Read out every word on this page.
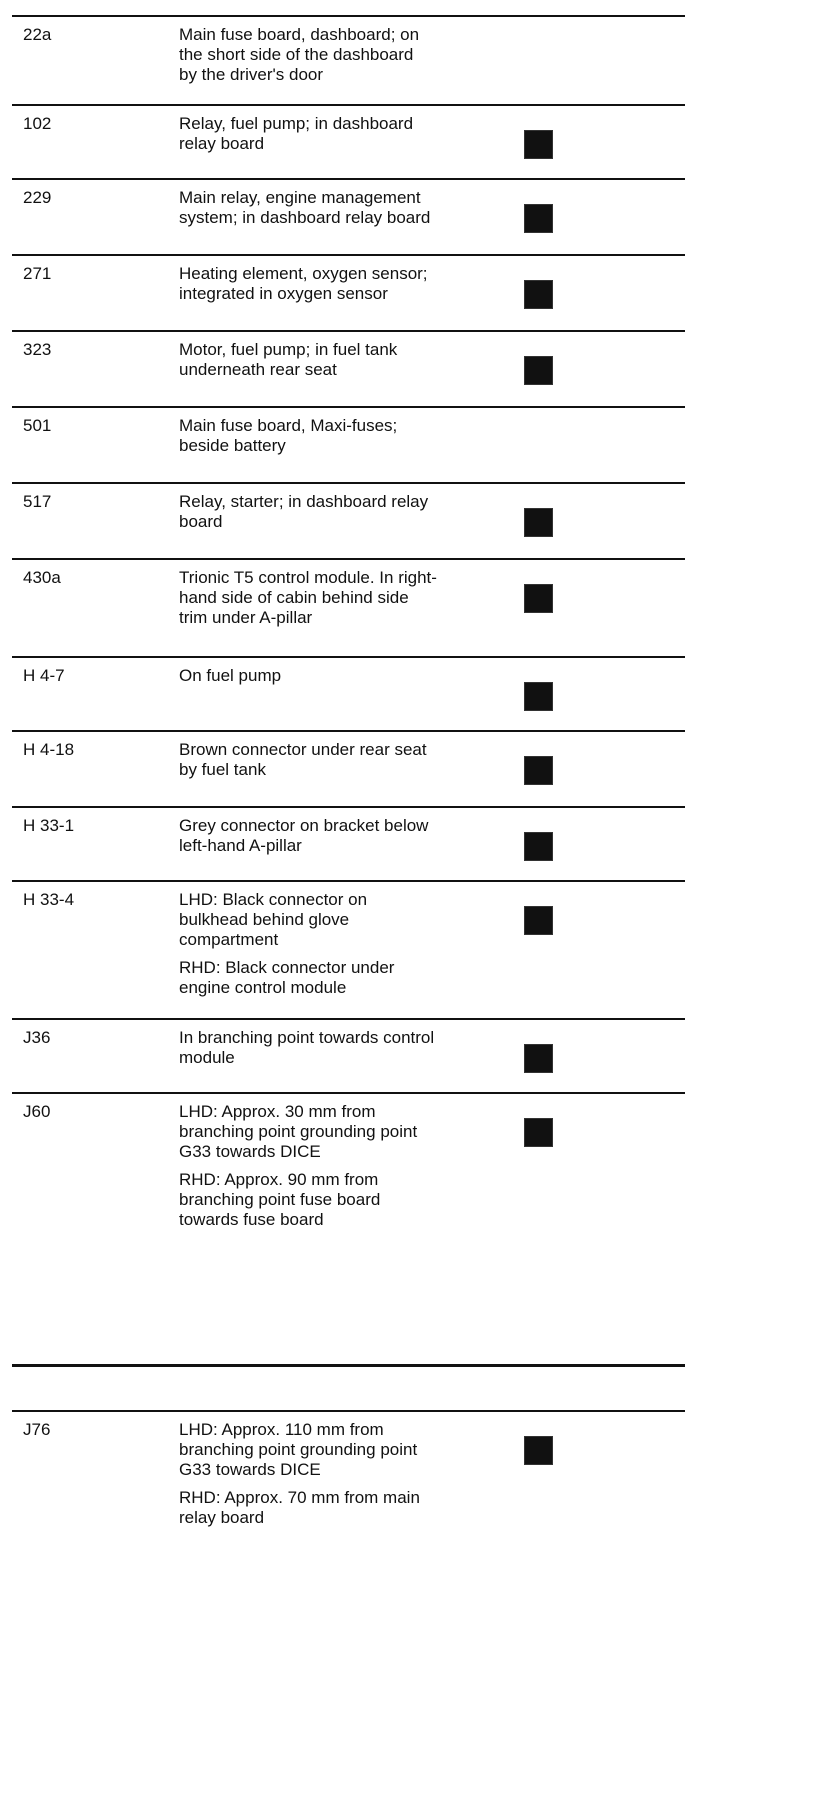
22a	Main fuse board, dashboard; on
the short side of the dashboard
by the driver's door
102	Relay, fuel pump; in dashboard
relay board
229	Main relay, engine management
system; in dashboard relay board
271	Heating element, oxygen sensor;
integrated in oxygen sensor
323	Motor, fuel pump; in fuel tank
underneath rear seat
501	Main fuse board, Maxi-fuses;
beside battery
517	Relay, starter; in dashboard relay
board
430a	Trionic T5 control module. In right-
hand side of cabin behind side
trim under A-pillar
H 4-7	On fuel pump
H 4-18	Brown connector under rear seat
by fuel tank
H 33-1	Grey connector on bracket below
left-hand A-pillar
H 33-4	LHD: Black connector on
bulkhead behind glove
compartment
RHD: Black connector under
engine control module
J36	In branching point towards control
module
J60	LHD: Approx. 30 mm from
branching point grounding point
G33 towards DICE
RHD: Approx. 90 mm from
branching point fuse board
towards fuse board
J76	LHD: Approx. 110 mm from
branching point grounding point
G33 towards DICE
RHD: Approx. 70 mm from main
relay board
